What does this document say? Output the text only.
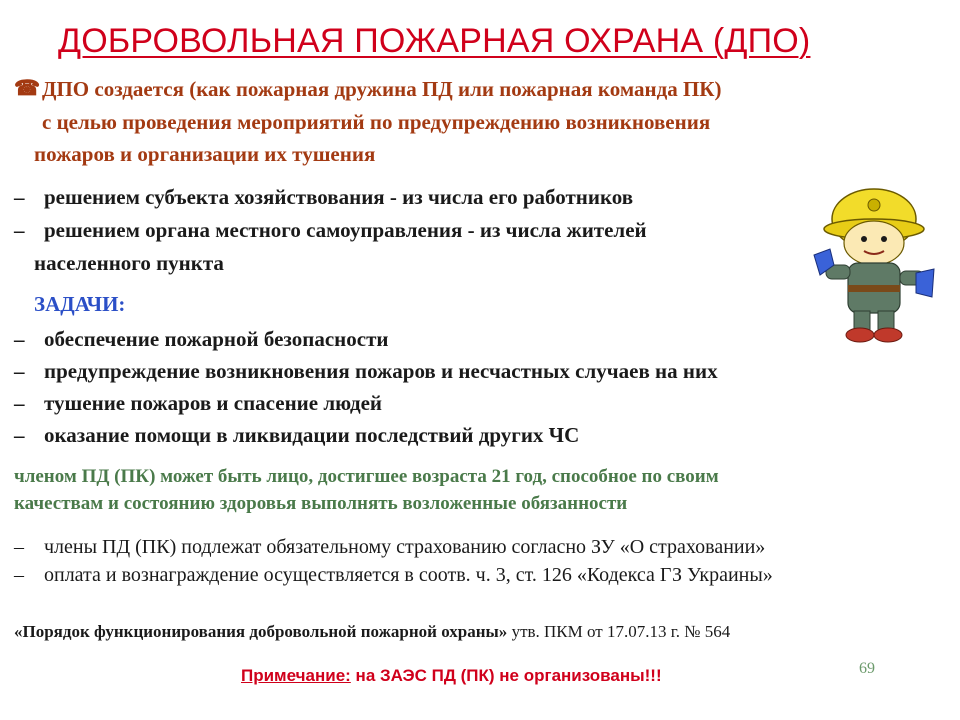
ДОБРОВОЛЬНАЯ ПОЖАРНАЯ ОХРАНА (ДПО)
☎ ДПО создается (как пожарная дружина ПД или пожарная команда ПК)
с целью проведения мероприятий по предупреждению возникновения
пожаров и организации их тушения
– решением субъекта хозяйствования - из числа его работников
– решением органа местного самоуправления - из числа жителей
населенного пункта
ЗАДАЧИ:
– обеспечение пожарной безопасности
– предупреждение возникновения пожаров и несчастных случаев на них
– тушение пожаров и спасение людей
– оказание помощи в ликвидации последствий других ЧС
членом ПД (ПК) может быть лицо, достигшее возраста 21 год, способное по своим
качествам и состоянию здоровья выполнять возложенные обязанности
– члены ПД (ПК) подлежат обязательному страхованию согласно ЗУ «О страховании»
– оплата и вознаграждение осуществляется в соотв. ч. 3, ст. 126 «Кодекса ГЗ Украины»
«Порядок функционирования добровольной пожарной охраны» утв. ПКМ от 17.07.13 г. № 564
Примечание: на ЗАЭС ПД (ПК) не организованы!!!	69
